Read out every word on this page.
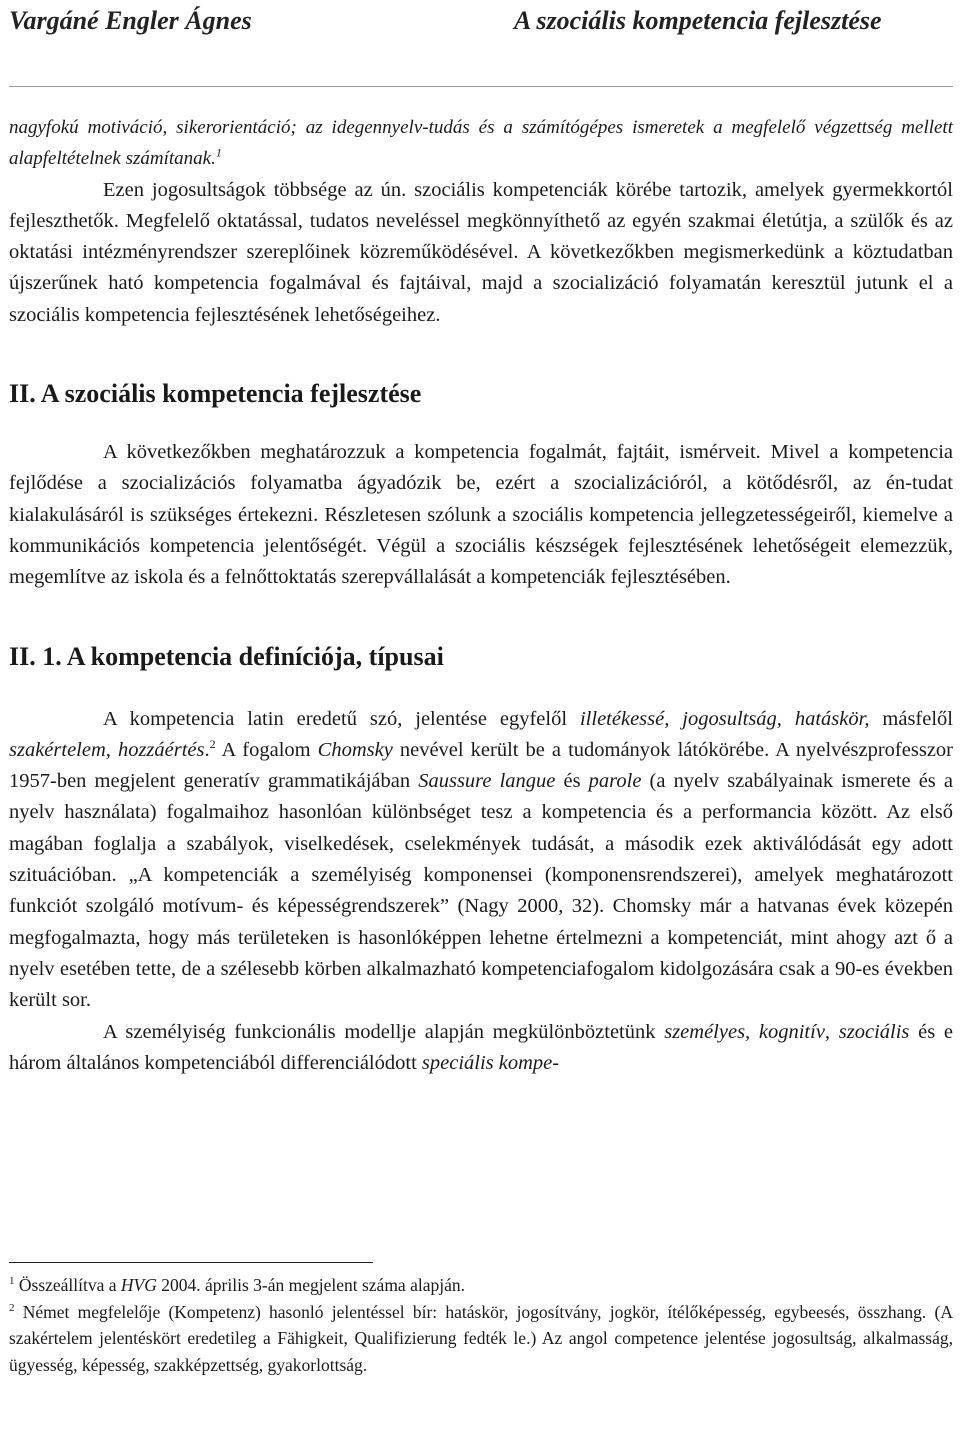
Vargáné Engler Ágnes	A szociális kompetencia fejlesztése

nagyfokú motiváció, sikerorientáció; az idegennyelv-tudás és a számítógépes ismeretek a megfelelő végzettség mellett alapfeltételnek számítanak.$^1$

Ezen jogosultságok többsége az ún. szociális kompetenciák körébe tartozik, amelyek gyermekkortól fejleszthetők. Megfelelő oktatással, tudatos neveléssel megkönnyíthető az egyén szakmai életútja, a szülők és az oktatási intézményrendszer szereplőinek közreműködésével. A következőkben megismerkedünk a köztudatban újszerűnek ható kompetencia fogalmával és fajtáival, majd a szocializáció folyamatán keresztül jutunk el a szociális kompetencia fejlesztésének lehetőségeihez.

II. A szociális kompetencia fejlesztése

A következőkben meghatározzuk a kompetencia fogalmát, fajtáit, ismérveit. Mivel a kompetencia fejlődése a szocializációs folyamatba ágyadózik be, ezért a szocializációról, a kötődésről, az én-tudat kialakulásáról is szükséges értekezni. Részletesen szólunk a szociális kompetencia jellegzetességeiről, kiemelve a kommunikációs kompetencia jelentőségét. Végül a szociális készségek fejlesztésének lehetőségeit elemezzük, megemlítve az iskola és a felnőttoktatás szerepvállalását a kompetenciák fejlesztésében.

II. 1. A kompetencia definíciója, típusai

A kompetencia latin eredetű szó, jelentése egyfelől illetékessé, jogosultság, hatáskör, másfelől szakértelem, hozzáértés.$^2$ A fogalom Chomsky nevével került be a tudományok látókörébe. A nyelvészprofesszor 1957-ben megjelent generatív grammatikájában Saussure langue és parole (a nyelv szabályainak ismerete és a nyelv használata) fogalmaihoz hasonlóan különbséget tesz a kompetencia és a performancia között. Az első magában foglalja a szabályok, viselkedések, cselekmények tudását, a második ezek aktiválódását egy adott szituációban. „A kompetenciák a személyiség komponensei (komponensrendszerei), amelyek meghatározott funkciót szolgáló motívum- és képességrendszerek” (Nagy 2000, 32). Chomsky már a hatvanas évek közepén megfogalmazta, hogy más területeken is hasonlóképpen lehetne értelmezni a kompetenciát, mint ahogy azt ő a nyelv esetében tette, de a szélesebb körben alkalmazható kompetenciafogalom kidolgozására csak a 90-es években került sor.

A személyiség funkcionális modellje alapján megkülönböztetünk személyes, kognitív, szociális és e három általános kompetenciából differenciálódott speciális kompe-

$^1$ Összeállítva a HVG 2004. április 3-án megjelent száma alapján.

$^2$ Német megfelelője (Kompetenz) hasonló jelentéssel bír: hatáskör, jogosítvány, jogkör, ítélőképesség, egybeesés, összhang. (A szakértelem jelentéskört eredetileg a Fähigkeit, Qualifizierung fedték le.) Az angol competence jelentése jogosultság, alkalmasság, ügyesség, képesség, szakképzettség, gyakorlottság.
